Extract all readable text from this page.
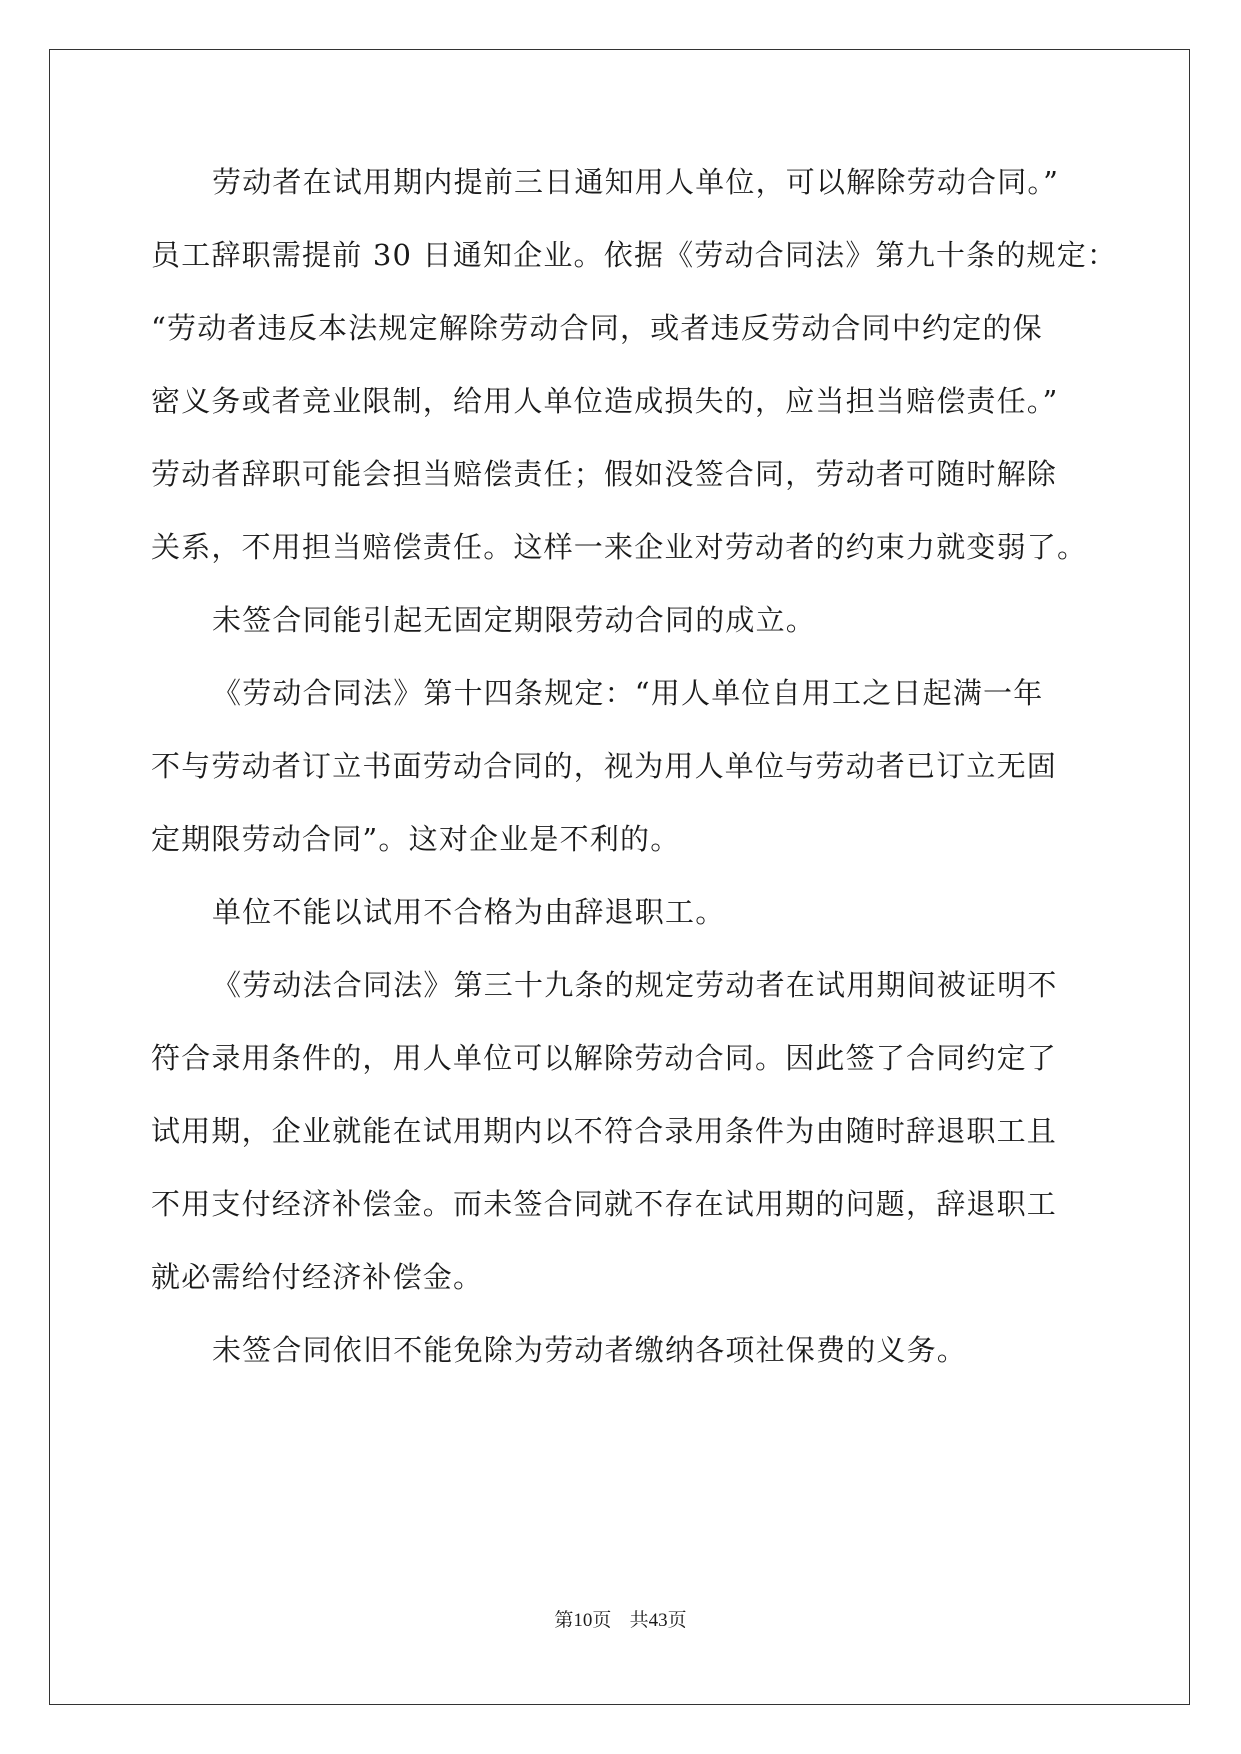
劳动者在试用期内提前三日通知用人单位，可以解除劳动合同。”
员工辞职需提前 30 日通知企业。依据《劳动合同法》第九十条的规定：
“劳动者违反本法规定解除劳动合同，或者违反劳动合同中约定的保
密义务或者竞业限制，给用人单位造成损失的，应当担当赔偿责任。”
劳动者辞职可能会担当赔偿责任；假如没签合同，劳动者可随时解除
关系，不用担当赔偿责任。这样一来企业对劳动者的约束力就变弱了。
未签合同能引起无固定期限劳动合同的成立。
《劳动合同法》第十四条规定：“用人单位自用工之日起满一年
不与劳动者订立书面劳动合同的，视为用人单位与劳动者已订立无固
定期限劳动合同”。这对企业是不利的。
单位不能以试用不合格为由辞退职工。
《劳动法合同法》第三十九条的规定劳动者在试用期间被证明不
符合录用条件的，用人单位可以解除劳动合同。因此签了合同约定了
试用期，企业就能在试用期内以不符合录用条件为由随时辞退职工且
不用支付经济补偿金。而未签合同就不存在试用期的问题，辞退职工
就必需给付经济补偿金。
未签合同依旧不能免除为劳动者缴纳各项社保费的义务。
第10页 共43页
